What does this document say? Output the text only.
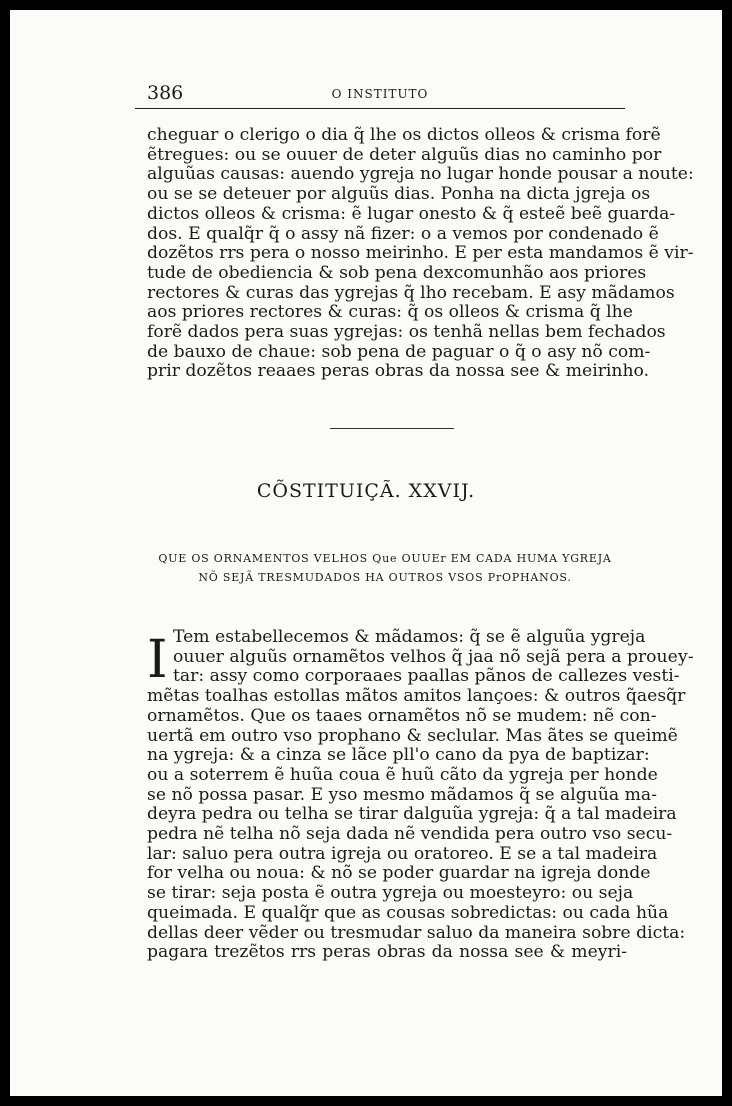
386	O INSTITUTO

cheguar o clerigo o dia q̃ lhe os dictos olleos & crisma forẽ
ẽtregues: ou se ouuer de deter alguũs dias no caminho por
alguũas causas: auendo ygreja no lugar honde pousar a noute:
ou se se deteuer por alguũs dias. Ponha na dicta jgreja os
dictos olleos & crisma: ẽ lugar onesto & q̃ esteẽ beẽ guarda-
dos. E qualq̃r q̃ o assy nã fizer: o a vemos por condenado ẽ
dozẽtos rrs pera o nosso meirinho. E per esta mandamos ẽ vir-
tude de obediencia & sob pena dexcomunhão aos priores
rectores & curas das ygrejas q̃ lho recebam. E asy mãdamos
aos priores rectores & curas: q̃ os olleos & crisma q̃ lhe
forẽ dados pera suas ygrejas: os tenhã nellas bem fechados
de bauxo de chaue: sob pena de paguar o q̃ o asy nõ com-
prir dozẽtos reaaes peras obras da nossa see & meirinho.

CÕSTITUIÇÃ. XXVIJ.
QUE OS ORNAMENTOS VELHOS Que OUUEr EM CADA HUMA YGREJA
NÕ SEJÃ TRESMUDADOS HA OUTROS VSOS PrOPHANOS.
I Tem estabellecemos & mãdamos: q̃ se ẽ alguũa ygreja
ouuer alguũs ornamẽtos velhos q̃ jaa nõ sejã pera a proueу-
tar: assy como corporaaes paallas pãnos de callezes vesti-
mẽtas toalhas estollas mãtos amitos lançoes: & outros q̃aesq̃r
ornamẽtos. Que os taaes ornamẽtos nõ se mudem: nẽ con-
uertã em outro vso prophano & seclular. Mas ãtes se queimẽ
na ygreja: & a cinza se lãce pll'o cano da pya de baptizar:
ou a soterrem ẽ huũa coua ẽ huũ cãto da ygreja per honde
se nõ possa pasar. E yso mesmo mãdamos q̃ se alguũa ma-
deyra pedra ou telha se tirar dalguũa ygreja: q̃ a tal madeira
pedra nẽ telha nõ seja dada nẽ vendida pera outro vso secu-
lar: saluo pera outra igreja ou oratoreo. E se a tal madeira
for velha ou noua: & nõ se poder guardar na igreja donde
se tirar: seja posta ẽ outra ygreja ou moesteyro: ou seja
queimada. E qualq̃r que as cousas sobredictas: ou cada hũa
dellas deer vẽder ou tresmudar saluo da maneira sobre dicta:
pagara trezẽtos rrs peras obras da nossa see & meyri-
